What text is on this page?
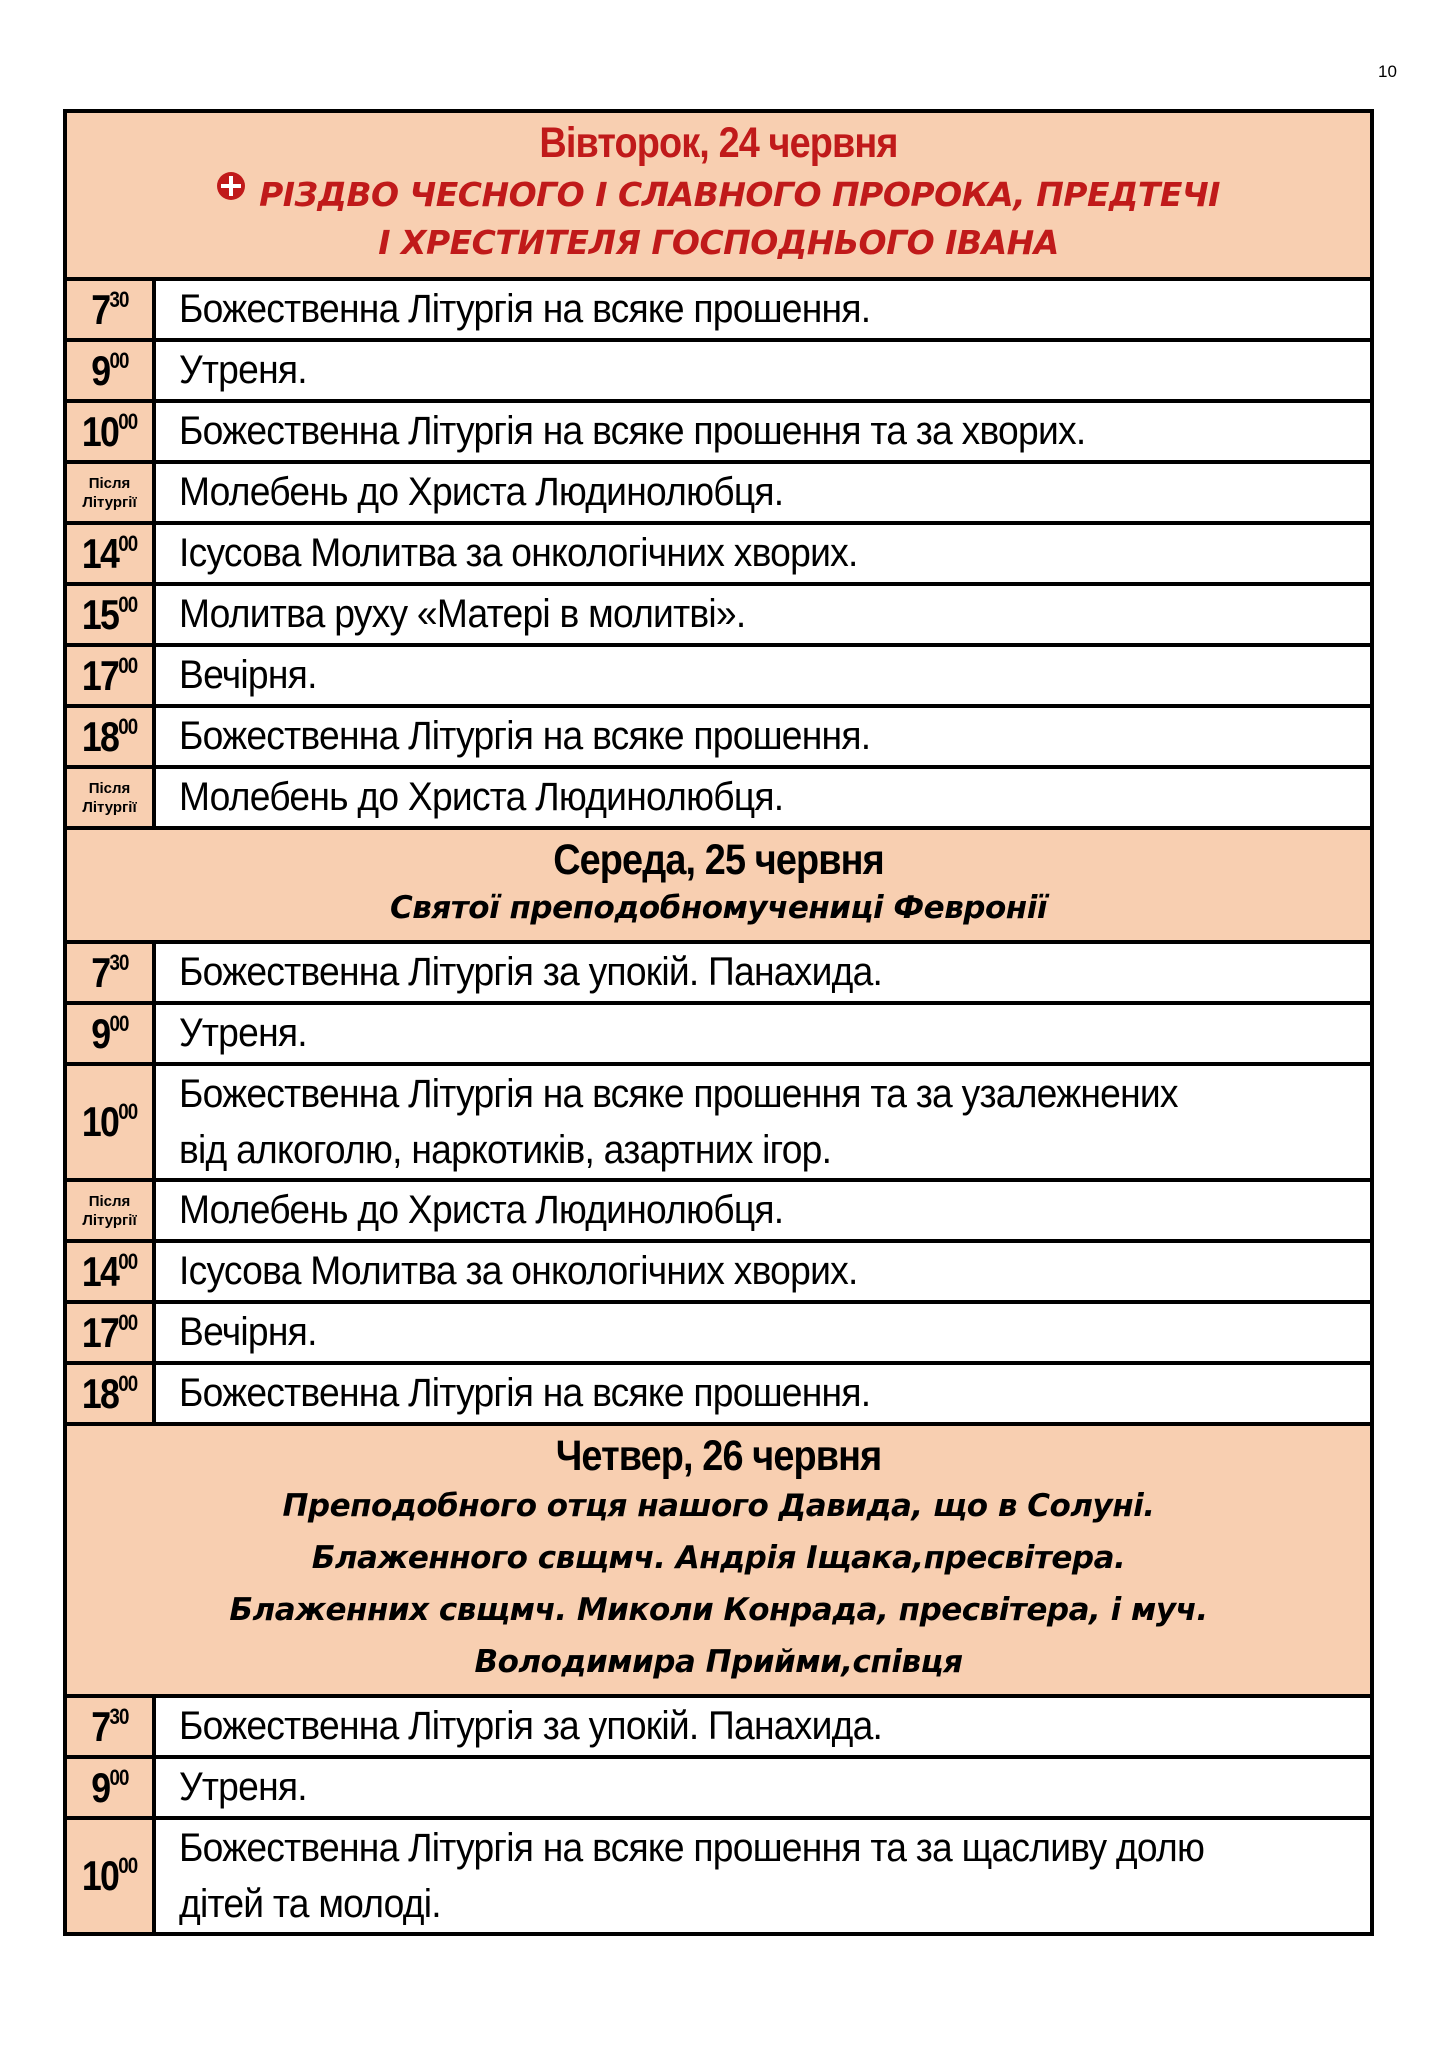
10
Вівторок, 24 червня
РІЗДВО ЧЕСНОГО І СЛАВНОГО ПРОРОКА, ПРЕДТЕЧІ
І ХРЕСТИТЕЛЯ ГОСПОДНЬОГО ІВАНА	

$7^{30}$	Божественна Літургія на всяке прошення.
$9^{00}$	Утреня.
$10^{00}$	Божественна Літургія на всяке прошення та за хворих.

Після
Літургії	Молебень до Христа Людинолюбця.
$14^{00}$	Ісусова Молитва за онкологічних хворих.
$15^{00}$	Молитва руху «Матері в молитві».
$17^{00}$	Вечірня.
$18^{00}$	Божественна Літургія на всяке прошення.

Після
Літургії	Молебень до Христа Людинолюбця.

Середа, 25 червня
Святої преподобномучениці Февронії	

$7^{30}$	Божественна Літургія за упокій. Панахида.
$9^{00}$	Утреня.
$10^{00}$	Божественна Літургія на всяке прошення та за узалежнених
від алкоголю, наркотиків, азартних ігор.

Після
Літургії	Молебень до Христа Людинолюбця.
$14^{00}$	Ісусова Молитва за онкологічних хворих.
$17^{00}$	Вечірня.
$18^{00}$	Божественна Літургія на всяке прошення.

Четвер, 26 червня
Преподобного отця нашого Давида, що в Солуні.
Блаженного свщмч. Андрія Іщака,пресвітера.
Блаженних свщмч. Миколи Конрада, пресвітера, і муч.
Володимира Прийми,співця	

$7^{30}$	Божественна Літургія за упокій. Панахида.
$9^{00}$	Утреня.
$10^{00}$	Божественна Літургія на всяке прошення та за щасливу долю
дітей та молоді.
